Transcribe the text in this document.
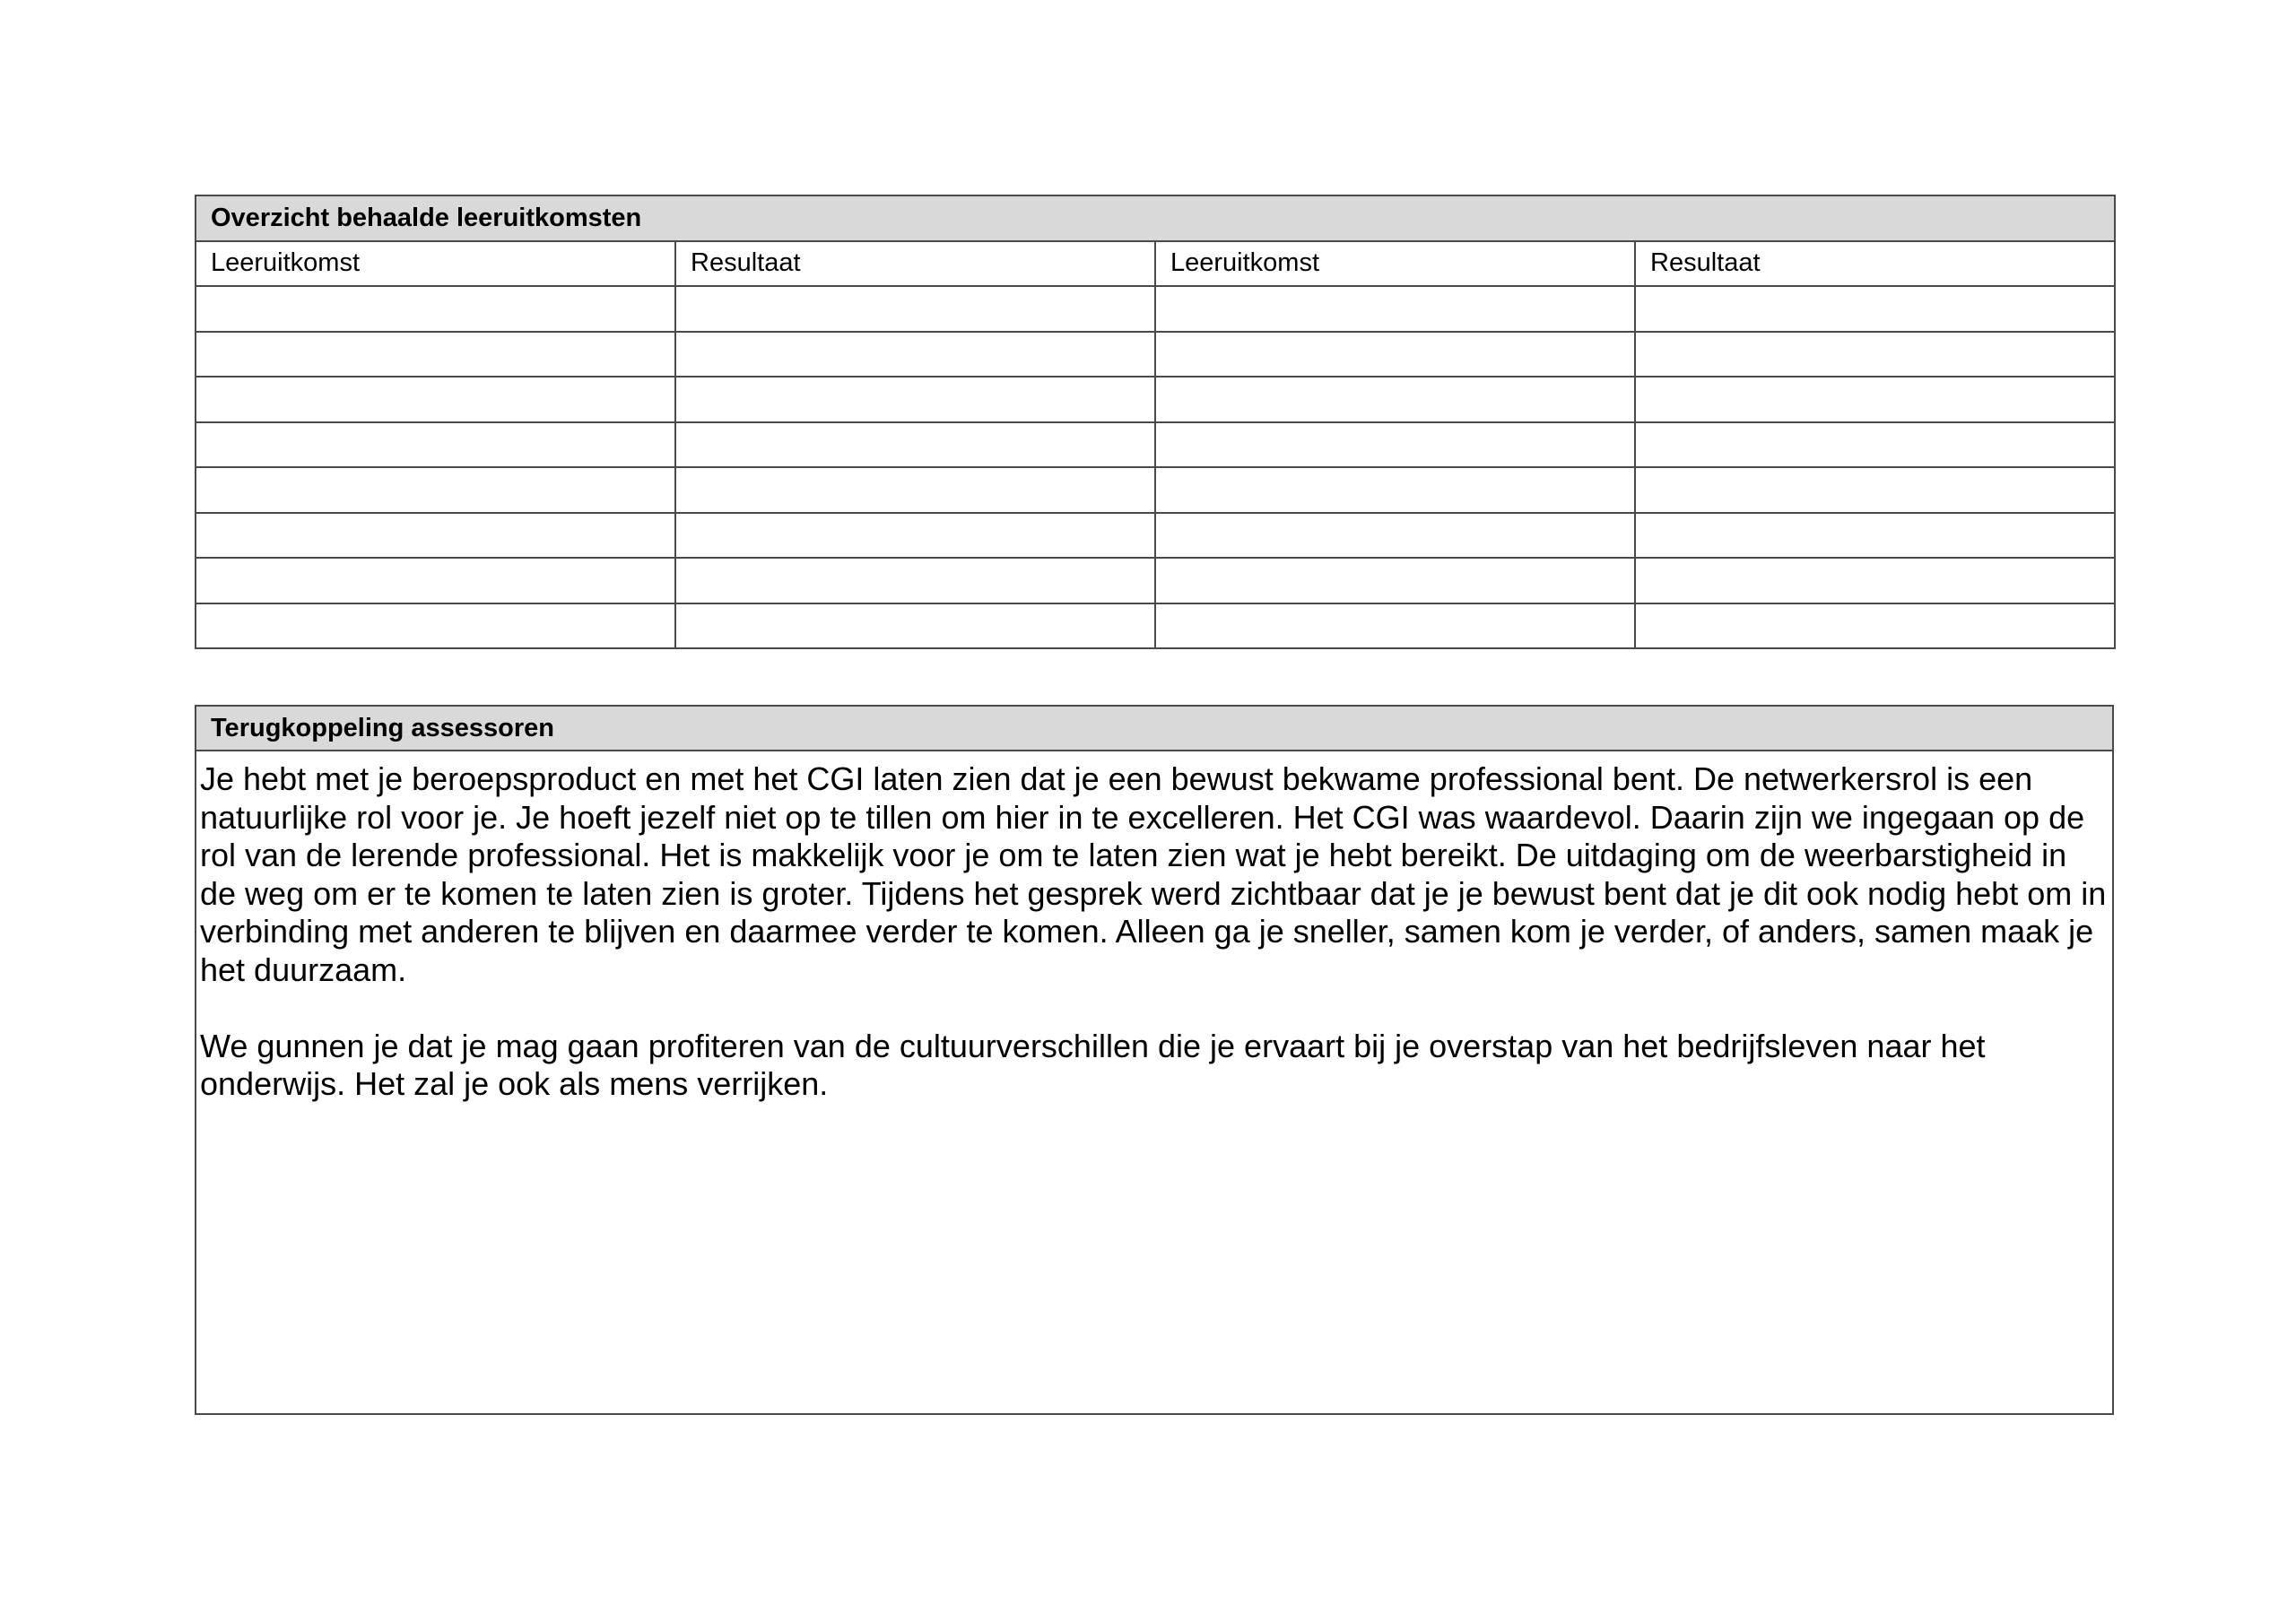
Overzicht behaalde leeruitkomsten			
Leeruitkomst	Resultaat	Leeruitkomst	Resultaat

Terugkoppeling assessoren

Je hebt met je beroepsproduct en met het CGI laten zien dat je een bewust bekwame professional bent. De netwerkersrol is een natuurlijke rol voor je. Je hoeft jezelf niet op te tillen om hier in te excelleren. Het CGI was waardevol. Daarin zijn we ingegaan op de rol van de lerende professional. Het is makkelijk voor je om te laten zien wat je hebt bereikt. De uitdaging om de weerbarstigheid in de weg om er te komen te laten zien is groter. Tijdens het gesprek werd zichtbaar dat je je bewust bent dat je dit ook nodig hebt om in verbinding met anderen te blijven en daarmee verder te komen. Alleen ga je sneller, samen kom je verder, of anders, samen maak je het duurzaam.

We gunnen je dat je mag gaan profiteren van de cultuurverschillen die je ervaart bij je overstap van het bedrijfsleven naar het onderwijs. Het zal je ook als mens verrijken.
